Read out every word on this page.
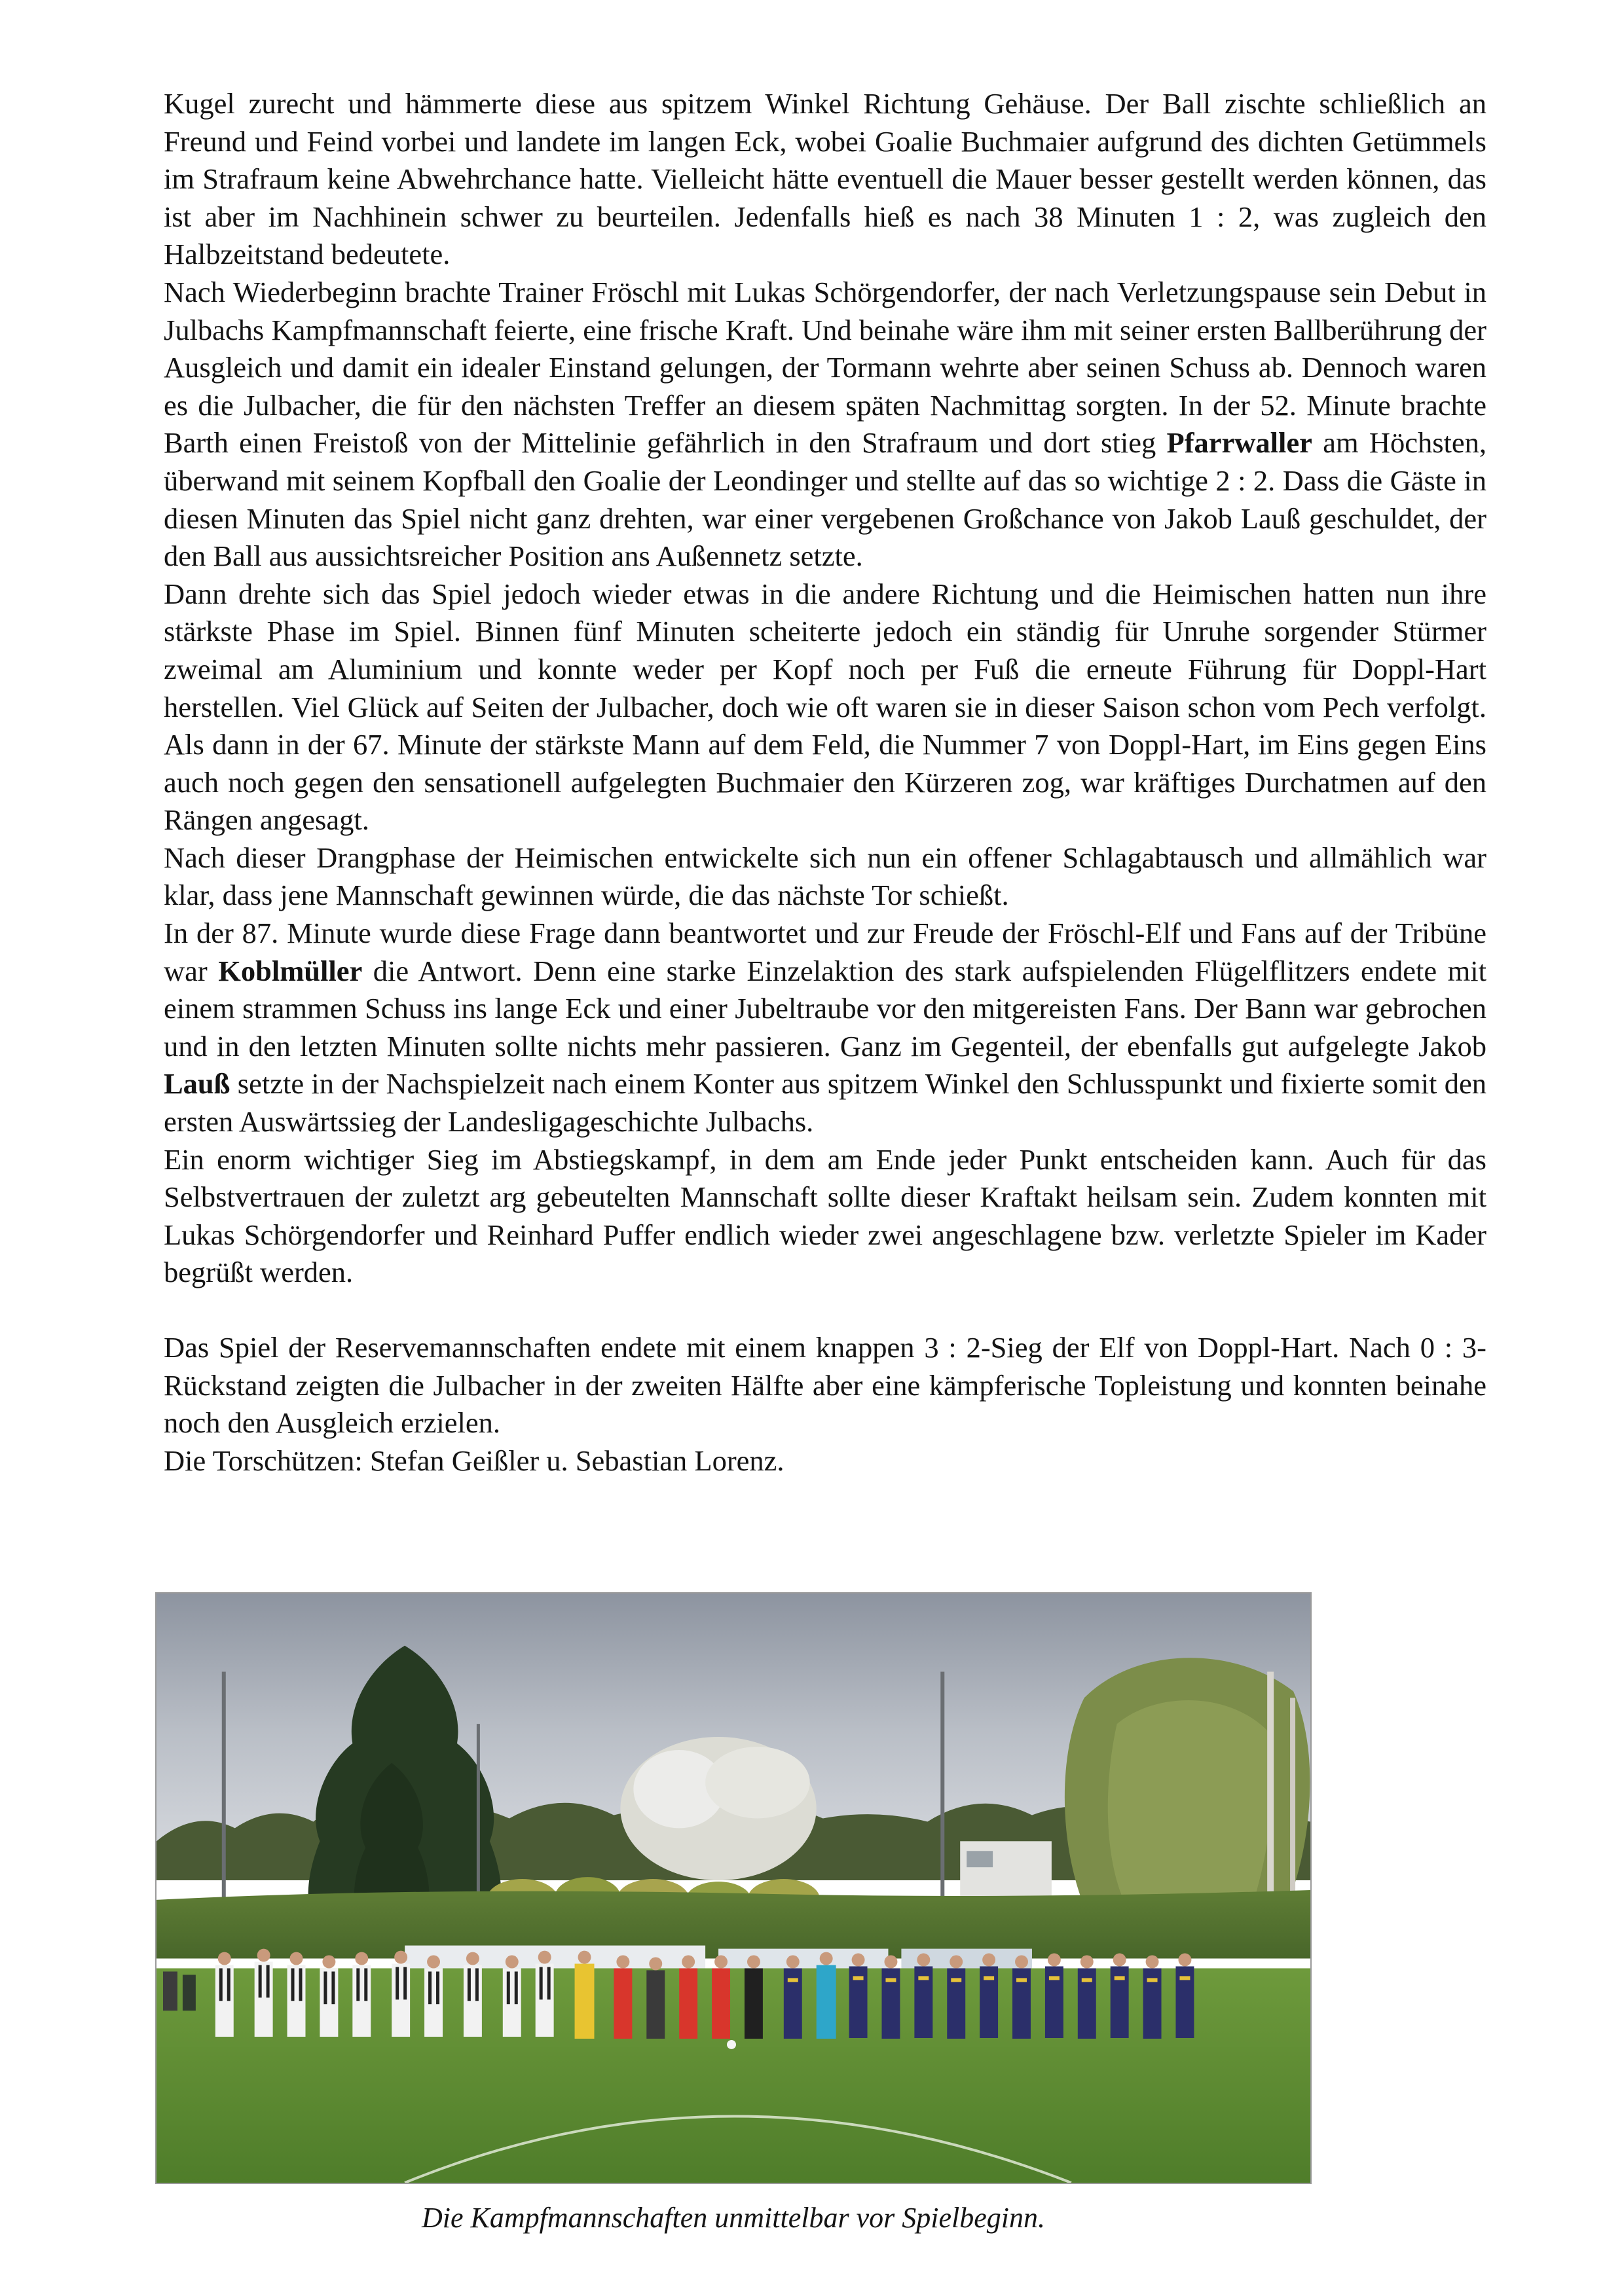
Kugel zurecht und hämmerte diese aus spitzem Winkel Richtung Gehäuse. Der Ball zischte schließlich an Freund und Feind vorbei und landete im langen Eck, wobei Goalie Buchmaier aufgrund des dichten Getümmels im Strafraum keine Abwehrchance hatte. Vielleicht hätte eventuell die Mauer besser gestellt werden können, das ist aber im Nachhinein schwer zu beurteilen. Jedenfalls hieß es nach 38 Minuten 1 : 2, was zugleich den Halbzeitstand bedeutete.

Nach Wiederbeginn brachte Trainer Fröschl mit Lukas Schörgendorfer, der nach Verletzungspause sein Debut in Julbachs Kampfmannschaft feierte, eine frische Kraft. Und beinahe wäre ihm mit seiner ersten Ballberührung der Ausgleich und damit ein idealer Einstand gelungen, der Tormann wehrte aber seinen Schuss ab. Dennoch waren es die Julbacher, die für den nächsten Treffer an diesem späten Nachmittag sorgten. In der 52. Minute brachte Barth einen Freistoß von der Mittelinie gefährlich in den Strafraum und dort stieg Pfarrwaller am Höchsten, überwand mit seinem Kopfball den Goalie der Leondinger und stellte auf das so wichtige 2 : 2. Dass die Gäste in diesen Minuten das Spiel nicht ganz drehten, war einer vergebenen Großchance von Jakob Lauß geschuldet, der den Ball aus aussichtsreicher Position ans Außennetz setzte.

Dann drehte sich das Spiel jedoch wieder etwas in die andere Richtung und die Heimischen hatten nun ihre stärkste Phase im Spiel. Binnen fünf Minuten scheiterte jedoch ein ständig für Unruhe sorgender Stürmer zweimal am Aluminium und konnte weder per Kopf noch per Fuß die erneute Führung für Doppl-Hart herstellen. Viel Glück auf Seiten der Julbacher, doch wie oft waren sie in dieser Saison schon vom Pech verfolgt. Als dann in der 67. Minute der stärkste Mann auf dem Feld, die Nummer 7 von Doppl-Hart, im Eins gegen Eins auch noch gegen den sensationell aufgelegten Buchmaier den Kürzeren zog, war kräftiges Durchatmen auf den Rängen angesagt.

Nach dieser Drangphase der Heimischen entwickelte sich nun ein offener Schlagabtausch und allmählich war klar, dass jene Mannschaft gewinnen würde, die das nächste Tor schießt.

In der 87. Minute wurde diese Frage dann beantwortet und zur Freude der Fröschl-Elf und Fans auf der Tribüne war Koblmüller die Antwort. Denn eine starke Einzelaktion des stark aufspielenden Flügelflitzers endete mit einem strammen Schuss ins lange Eck und einer Jubeltraube vor den mitgereisten Fans. Der Bann war gebrochen und in den letzten Minuten sollte nichts mehr passieren. Ganz im Gegenteil, der ebenfalls gut aufgelegte Jakob Lauß setzte in der Nachspielzeit nach einem Konter aus spitzem Winkel den Schlusspunkt und fixierte somit den ersten Auswärtssieg der Landesligageschichte Julbachs.

Ein enorm wichtiger Sieg im Abstiegskampf, in dem am Ende jeder Punkt entscheiden kann. Auch für das Selbstvertrauen der zuletzt arg gebeutelten Mannschaft sollte dieser Kraftakt heilsam sein. Zudem konnten mit Lukas Schörgendorfer und Reinhard Puffer endlich wieder zwei angeschlagene bzw. verletzte Spieler im Kader begrüßt werden.

Das Spiel der Reservemannschaften endete mit einem knappen 3 : 2-Sieg der Elf von Doppl-Hart. Nach 0 : 3-Rückstand zeigten die Julbacher in der zweiten Hälfte aber eine kämpferische Topleistung und konnten beinahe noch den Ausgleich erzielen.

Die Torschützen: Stefan Geißler u. Sebastian Lorenz.

Die Kampfmannschaften unmittelbar vor Spielbeginn.
